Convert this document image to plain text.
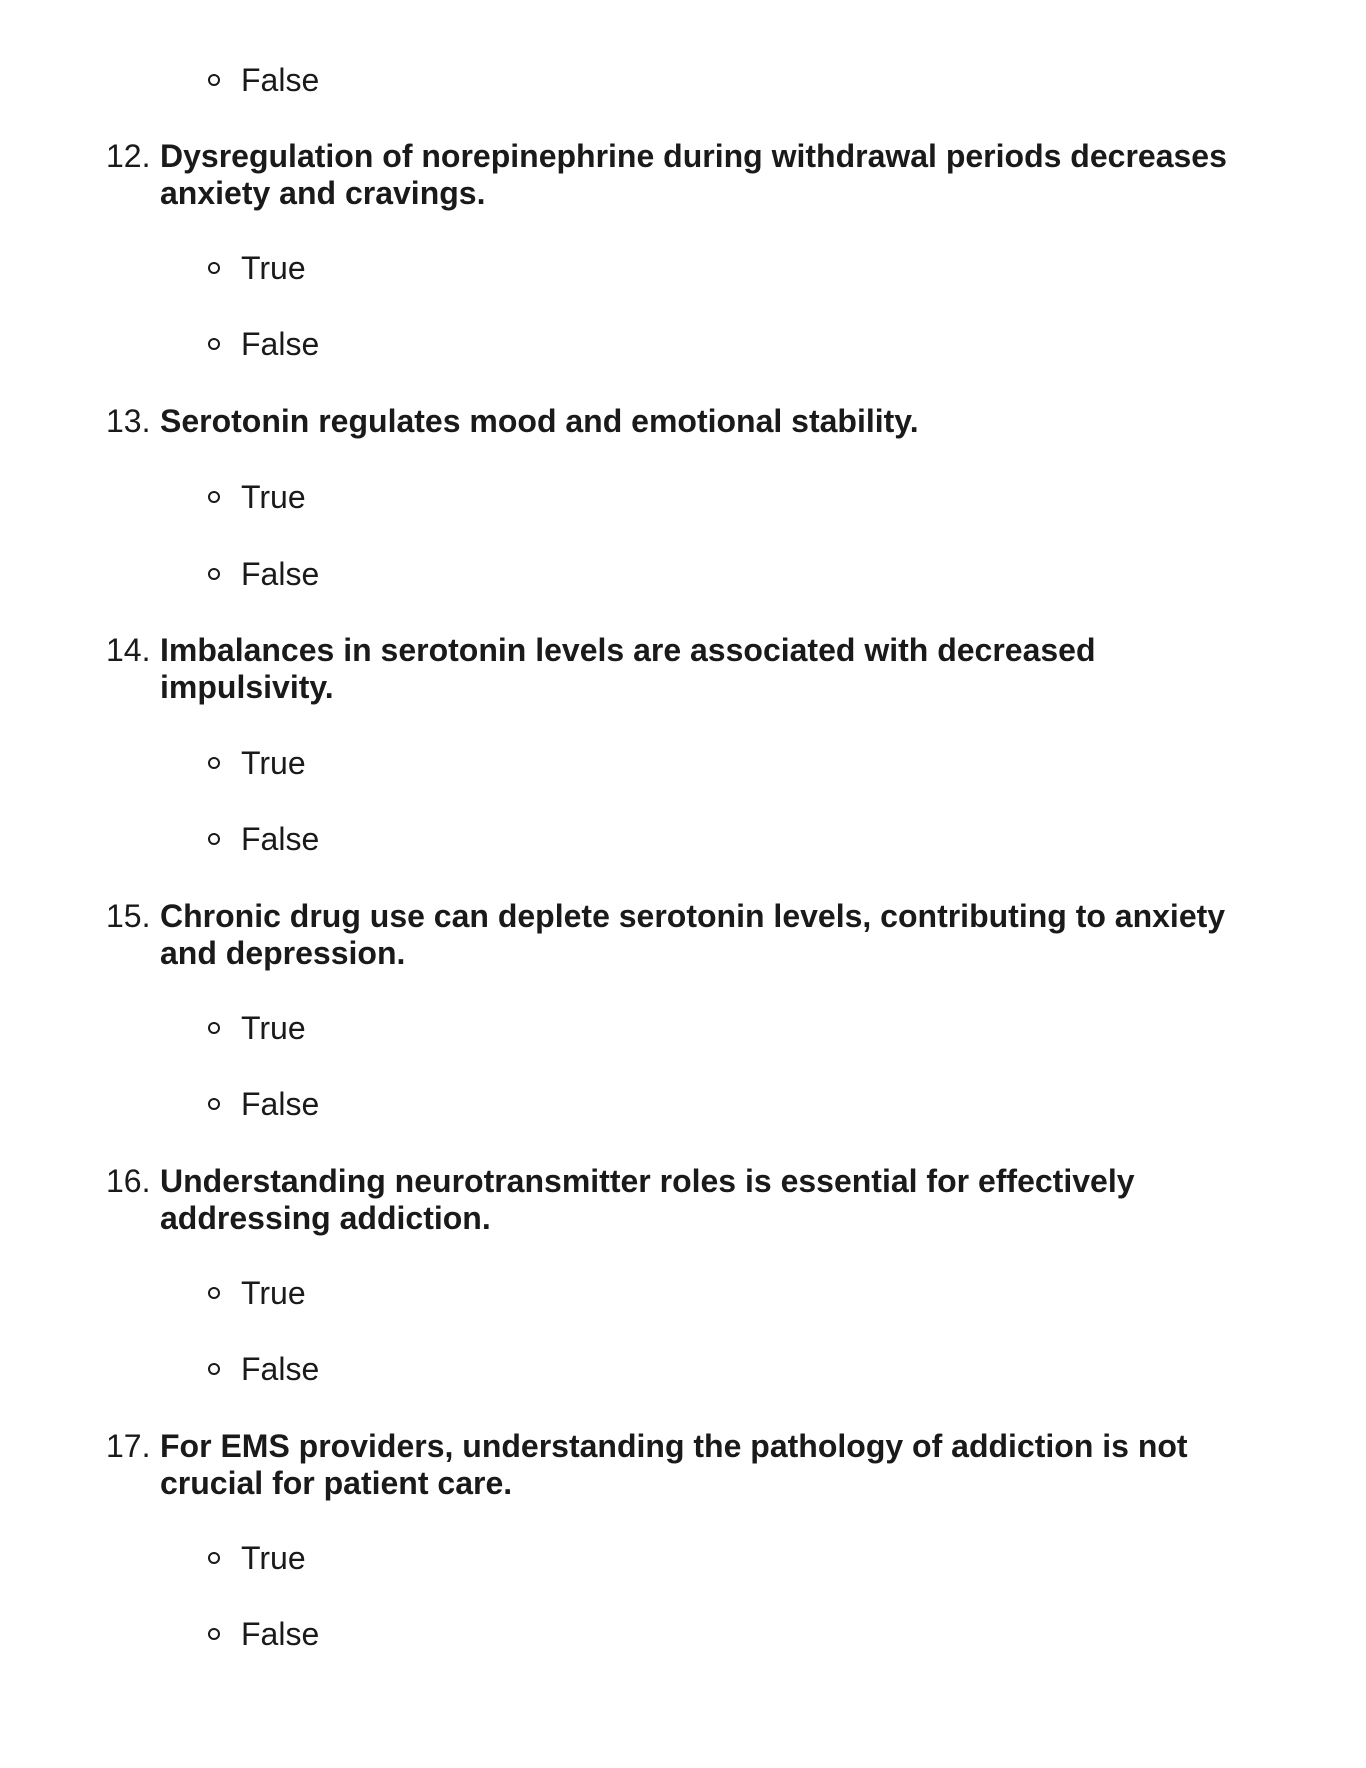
False
12. Dysregulation of norepinephrine during withdrawal periods decreases anxiety and cravings.
True
False
13. Serotonin regulates mood and emotional stability.
True
False
14. Imbalances in serotonin levels are associated with decreased impulsivity.
True
False
15. Chronic drug use can deplete serotonin levels, contributing to anxiety and depression.
True
False
16. Understanding neurotransmitter roles is essential for effectively addressing addiction.
True
False
17. For EMS providers, understanding the pathology of addiction is not crucial for patient care.
True
False
